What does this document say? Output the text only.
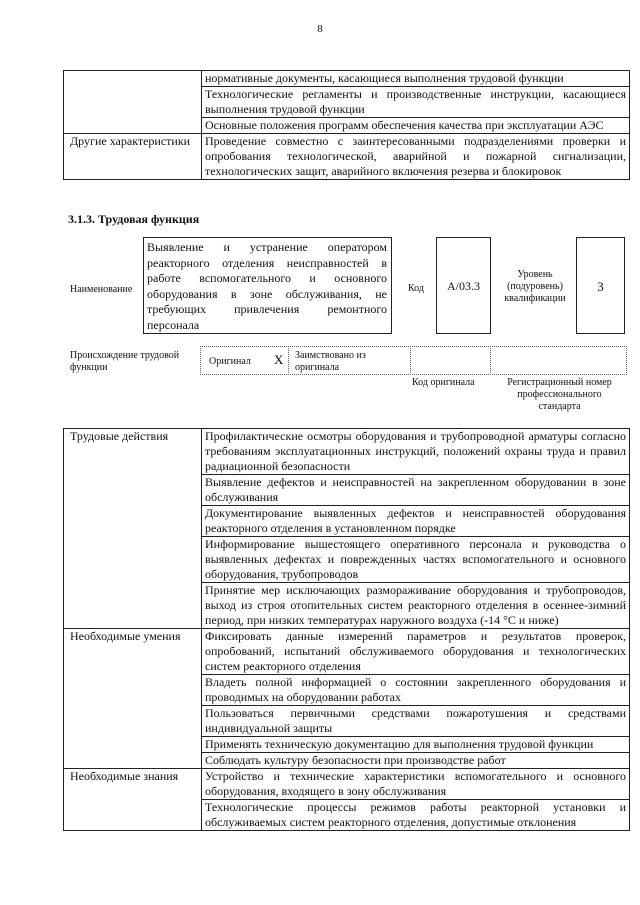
8
	нормативные документы, касающиеся выполнения трудовой функции
	Технологические регламенты и производственные инструкции, касающиеся выполнения трудовой функции
	Основные положения программ обеспечения качества при эксплуатации АЭС
Другие характеристики	Проведение совместно с заинтересованными подразделениями проверки и опробования технологической, аварийной и пожарной сигнализации, технологических защит, аварийного включения резерва и блокировок
3.1.3. Трудовая функция
Наименование
Выявление и устранение оператором реакторного отделения неисправностей в работе вспомогательного и основного оборудования в зоне обслуживания, не требующих привлечения ремонтного персонала
Код	А/03.3
Уровень (подуровень) квалификации
3
Происхождение трудовой функции
Оригинал X Заимствовано из оригинала
Код оригинала	Регистрационный номер профессионального стандарта
Трудовые действия	Профилактические осмотры оборудования и трубопроводной арматуры согласно требованиям эксплуатационных инструкций, положений охраны труда и правил радиационной безопасности
	Выявление дефектов и неисправностей на закрепленном оборудовании в зоне обслуживания
	Документирование выявленных дефектов и неисправностей оборудования реакторного отделения в установленном порядке
	Информирование вышестоящего оперативного персонала и руководства о выявленных дефектах и поврежденных частях вспомогательного и основного оборудования, трубопроводов
	Принятие мер исключающих размораживание оборудования и трубопроводов, выход из строя отопительных систем реакторного отделения в осеннее-зимний период, при низких температурах наружного воздуха (-14 °С и ниже)
Необходимые умения	Фиксировать данные измерений параметров и результатов проверок, опробований, испытаний обслуживаемого оборудования и технологических систем реакторного отделения
	Владеть полной информацией о состоянии закрепленного оборудования и проводимых на оборудовании работах
	Пользоваться первичными средствами пожаротушения и средствами индивидуальной защиты
	Применять техническую документацию для выполнения трудовой функции
	Соблюдать культуру безопасности при производстве работ
Необходимые знания	Устройство и технические характеристики вспомогательного и основного оборудования, входящего в зону обслуживания
	Технологические процессы режимов работы реакторной установки и обслуживаемых систем реакторного отделения, допустимые отклонения
